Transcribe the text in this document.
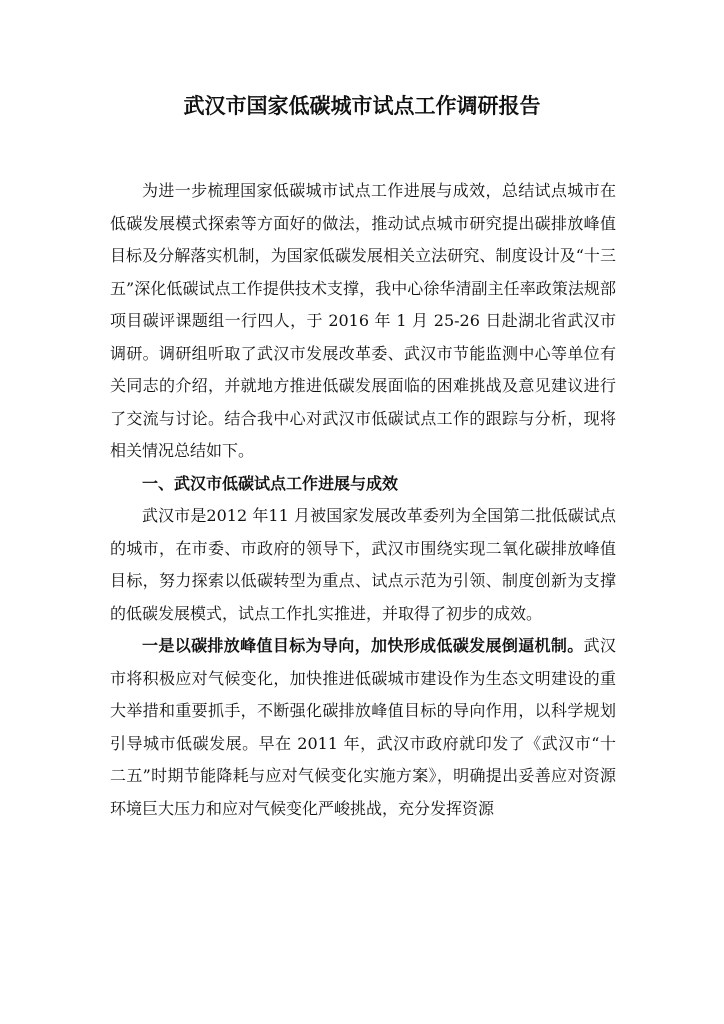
武汉市国家低碳城市试点工作调研报告

为进一步梳理国家低碳城市试点工作进展与成效，总结试点城市在低碳发展模式探索等方面好的做法，推动试点城市研究提出碳排放峰值目标及分解落实机制，为国家低碳发展相关立法研究、制度设计及“十三五”深化低碳试点工作提供技术支撑，我中心徐华清副主任率政策法规部项目碳评课题组一行四人，于 2016 年 1 月 25-26 日赴湖北省武汉市调研。调研组听取了武汉市发展改革委、武汉市节能监测中心等单位有关同志的介绍，并就地方推进低碳发展面临的困难挑战及意见建议进行了交流与讨论。结合我中心对武汉市低碳试点工作的跟踪与分析，现将相关情况总结如下。

一、武汉市低碳试点工作进展与成效

武汉市是2012 年11 月被国家发展改革委列为全国第二批低碳试点的城市，在市委、市政府的领导下，武汉市围绕实现二氧化碳排放峰值目标，努力探索以低碳转型为重点、试点示范为引领、制度创新为支撑的低碳发展模式，试点工作扎实推进，并取得了初步的成效。

一是以碳排放峰值目标为导向，加快形成低碳发展倒逼机制。武汉市将积极应对气候变化，加快推进低碳城市建设作为生态文明建设的重大举措和重要抓手，不断强化碳排放峰值目标的导向作用，以科学规划引导城市低碳发展。早在 2011 年，武汉市政府就印发了《武汉市“十二五”时期节能降耗与应对气候变化实施方案》，明确提出妥善应对资源环境巨大压力和应对气候变化严峻挑战，充分发挥资源
